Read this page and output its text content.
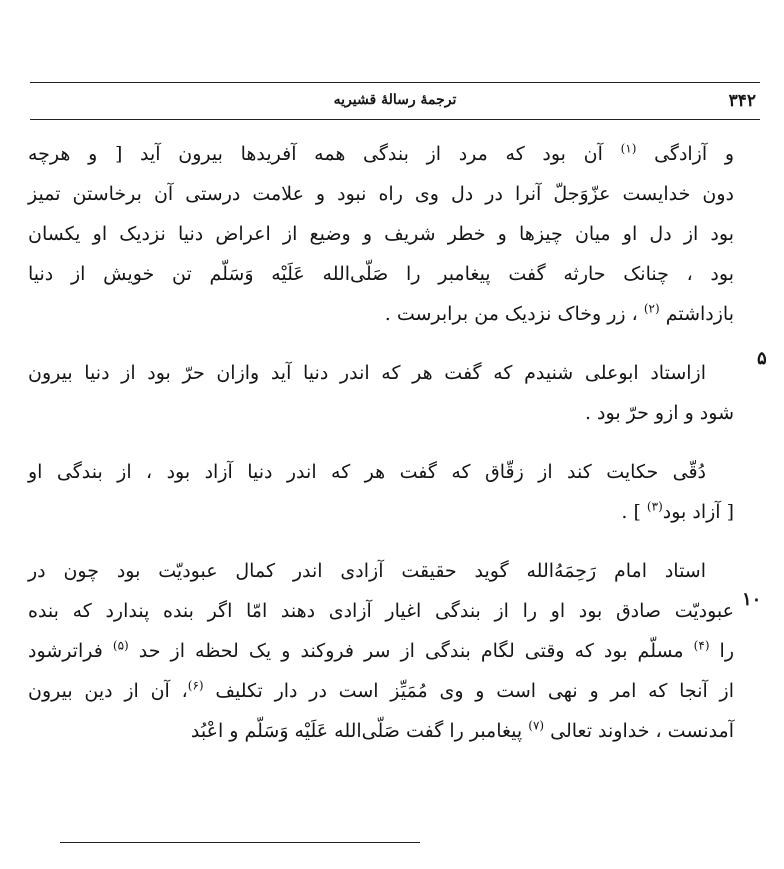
۳۴۲
ترجمهٔ رسالهٔ قشیریه
۵
۱۰
و آزادگی $^{(۱)}$ آن بود که مرد از بندگی همه آفریدها بیرون آید [ و هرچه
دون خدایست عزّوَجلّ آنرا در دل وی راه نبود و علامت درستی آن برخاستن تمیز
بود از دل او میان چیزها و خطر شریف و وضیع از اعراض دنیا نزدیک او یکسان
بود ، چنانک حارثه گفت پیغامبر را صَلّی‌الله عَلَیْه وَسَلّم تن خویش از دنیا
بازداشتم $^{(۲)}$ ، زر وخاک نزدیک من برابرست .
ازاستاد ابوعلی شنیدم که گفت هر که اندر دنیا آید وازان حرّ بود از دنیا بیرون
شود و ازو حرّ بود .
دُقّی حکایت کند از زقّاق که گفت هر که اندر دنیا آزاد بود ، از بندگی او
[ آزاد بود$^{(۳)}$ ] .
استاد امام رَحِمَهُ‌الله گوید حقیقت آزادی اندر کمال عبودیّت بود چون در
عبودیّت صادق بود او را از بندگی اغیار آزادی دهند امّا اگر بنده پندارد که بنده
را $^{(۴)}$ مسلّم بود که وقتی لگام بندگی از سر فروکند و یک لحظه از حد $^{(۵)}$ فراترشود
از آنجا که امر و نهی است و وی مُمَیِّز است در دار تکلیف $^{(۶)}$، آن از دین بیرون
آمدنست ، خداوند تعالی $^{(۷)}$ پیغامبر را گفت صَلّی‌الله عَلَیْه وَسَلّم و اعْبُد
